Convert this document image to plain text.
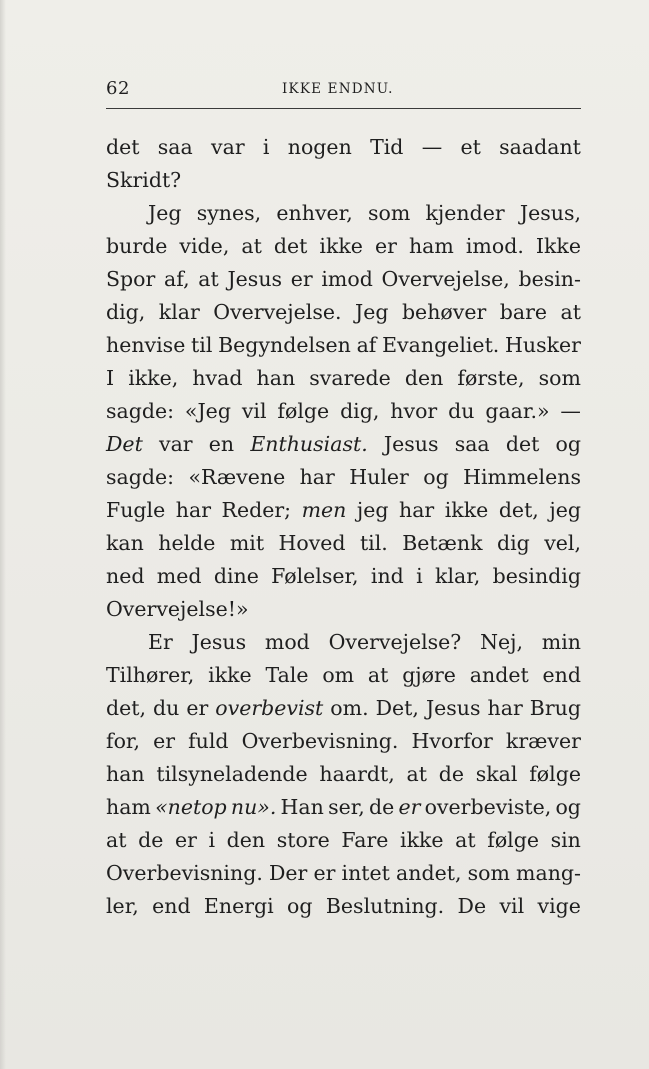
62	IKKE ENDNU.
det saa var i nogen Tid — et saadant
Skridt?
Jeg synes, enhver, som kjender Jesus,
burde vide, at det ikke er ham imod. Ikke
Spor af, at Jesus er imod Overvejelse, besin-
dig, klar Overvejelse. Jeg behøver bare at
henvise til Begyndelsen af Evangeliet. Husker
I ikke, hvad han svarede den første, som
sagde: «Jeg vil følge dig, hvor du gaar.» —
Det var en Enthusiast. Jesus saa det og
sagde: «Rævene har Huler og Himmelens
Fugle har Reder; men jeg har ikke det, jeg
kan helde mit Hoved til. Betænk dig vel,
ned med dine Følelser, ind i klar, besindig
Overvejelse!»
Er Jesus mod Overvejelse? Nej, min
Tilhører, ikke Tale om at gjøre andet end
det, du er overbevist om. Det, Jesus har Brug
for, er fuld Overbevisning. Hvorfor kræver
han tilsyneladende haardt, at de skal følge
ham «netop nu». Han ser, de er overbeviste, og
at de er i den store Fare ikke at følge sin
Overbevisning. Der er intet andet, som mang-
ler, end Energi og Beslutning. De vil vige
